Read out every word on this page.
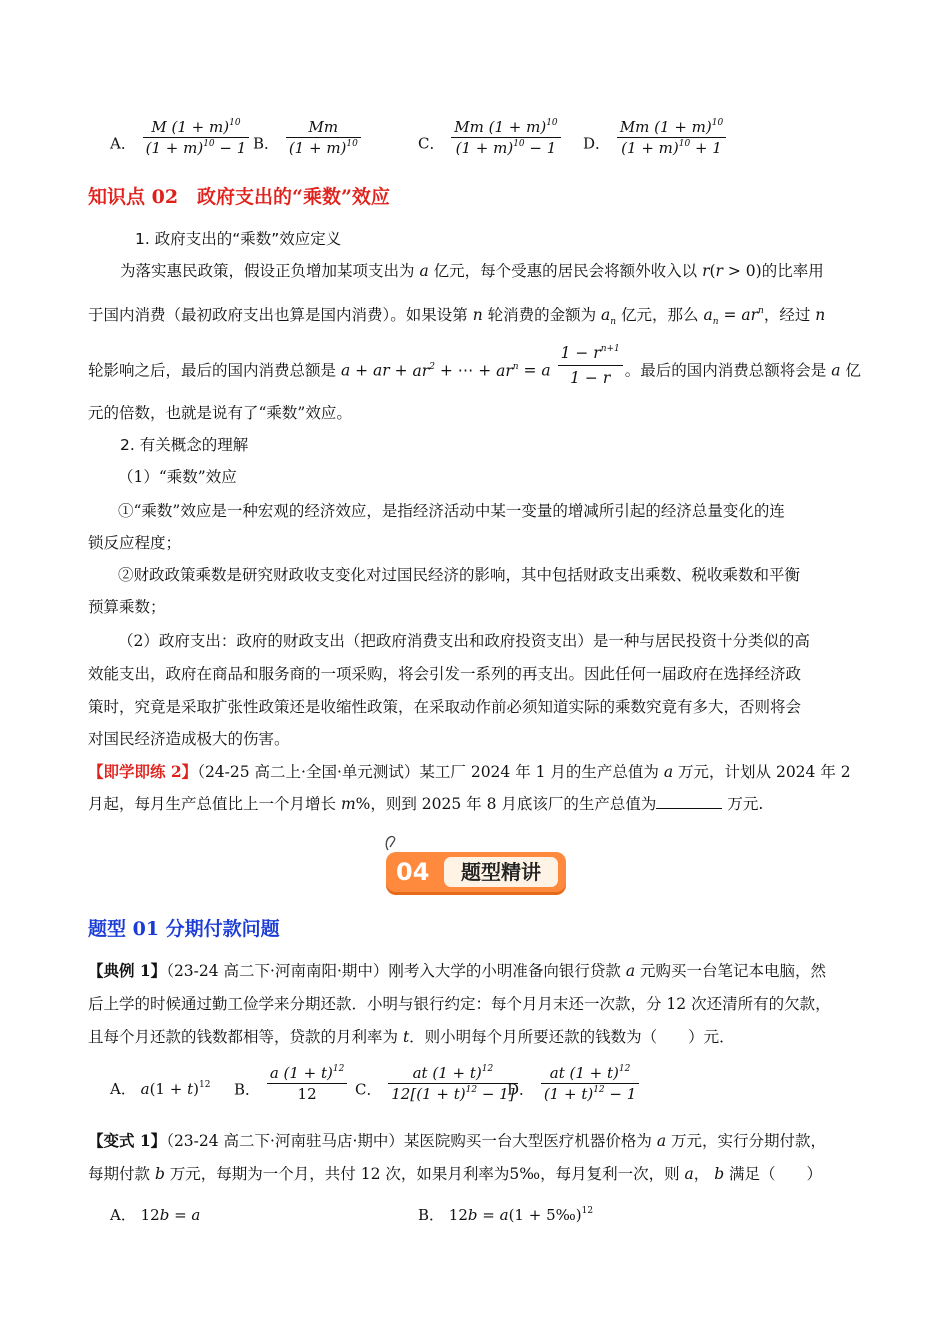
A． $\frac{M (1 + m)^{10}}{(1 + m)^{10} - 1}$ B． $\frac{Mm}{(1 + m)^{10}}$	C． $\frac{Mm (1 + m)^{10}}{(1 + m)^{10} - 1}$ D． $\frac{Mm (1 + m)^{10}}{(1 + m)^{10} + 1}$
知识点 02　政府支出的“乘数”效应
1. 政府支出的“乘数”效应定义
为落实惠民政策，假设正负增加某项支出为 a 亿元，每个受惠的居民会将额外收入以 r(r > 0)的比率用
于国内消费（最初政府支出也算是国内消费）。如果设第 n 轮消费的金额为 $a_n$ 亿元，那么 $a_n = ar^n$，经过 n
轮影响之后，最后的国内消费总额是 a + ar + $ar^2$ + ⋯ + $ar^n = a \frac{1 - r^{n+1}}{1 - r}$ 。最后的国内消费总额将会是 a 亿
元的倍数，也就是说有了“乘数”效应。
2. 有关概念的理解
（1）“乘数”效应
①“乘数”效应是一种宏观的经济效应，是指经济活动中某一变量的增减所引起的经济总量变化的连
锁反应程度；
②财政政策乘数是研究财政收支变化对过国民经济的影响，其中包括财政支出乘数、税收乘数和平衡
预算乘数；
（2）政府支出：政府的财政支出（把政府消费支出和政府投资支出）是一种与居民投资十分类似的高
效能支出，政府在商品和服务商的一项采购，将会引发一系列的再支出。因此任何一届政府在选择经济政
策时，究竟是采取扩张性政策还是收缩性政策，在采取动作前必须知道实际的乘数究竟有多大，否则将会
对国民经济造成极大的伤害。
【即学即练 2】（24-25 高二上·全国·单元测试）某工厂 2024 年 1 月的生产总值为 a 万元，计划从 2024 年 2
月起，每月生产总值比上一个月增长 m%，则到 2025 年 8 月底该厂的生产总值为	万元.
04	题型精讲
题型 01 分期付款问题
【典例 1】（23-24 高二下·河南南阳·期中）刚考入大学的小明准备向银行贷款 a 元购买一台笔记本电脑，然
后上学的时候通过勤工俭学来分期还款．小明与银行约定：每个月月末还一次款，分 12 次还清所有的欠款，
且每个月还款的钱数都相等，贷款的月利率为 t．则小明每个月所要还款的钱数为（　　）元．
A． $a(1 + t)^{12}$ B． $\frac{a (1 + t)^{12}}{12}$ C． $\frac{at (1 + t)^{12}}{12[(1 + t)^{12} - 1]}$
D． $\frac{at (1 + t)^{12}}{(1 + t)^{12} - 1}$
【变式 1】（23-24 高二下·河南驻马店·期中）某医院购买一台大型医疗机器价格为 a 万元，实行分期付款，
每期付款 b 万元，每期为一个月，共付 12 次，如果月利率为5‰，每月复利一次，则 a， b 满足（　　）
A． 12b = a	B． 12b = a(1 + 5‰)$^{12}$
